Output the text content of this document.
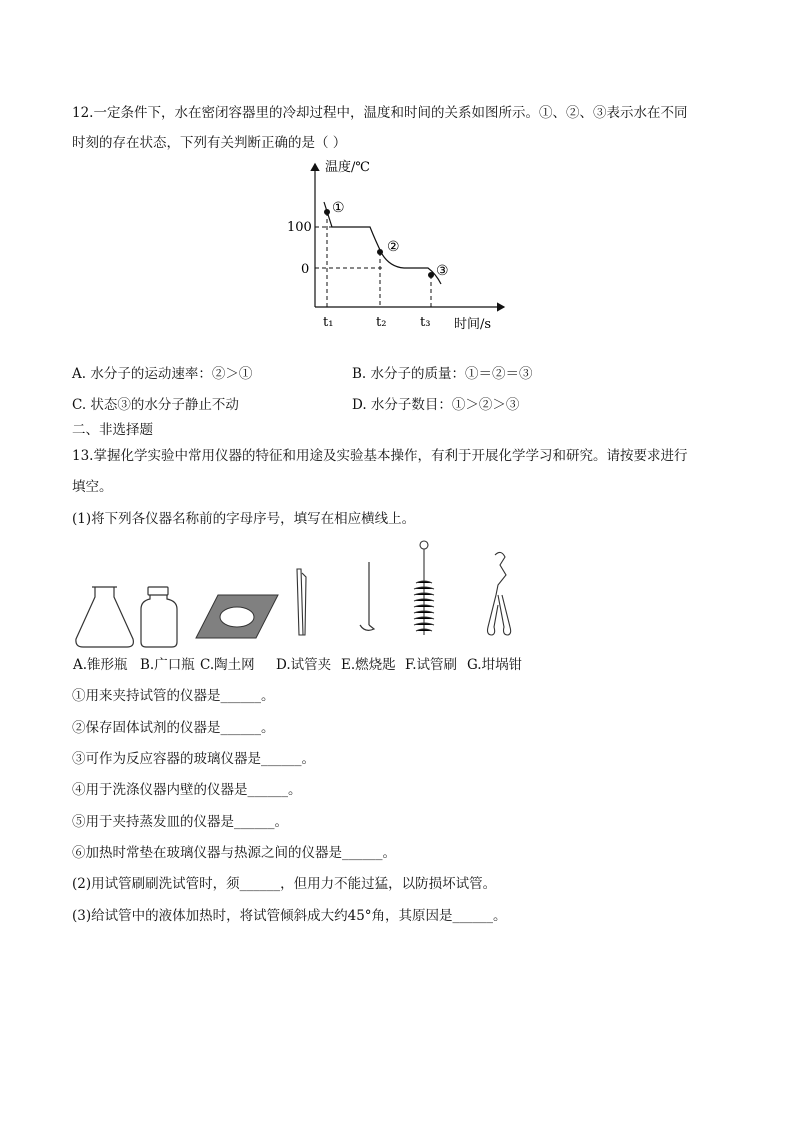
12.一定条件下，水在密闭容器里的冷却过程中，温度和时间的关系如图所示。①、②、③表示水在不同
时刻的存在状态，下列有关判断正确的是（ ）
温度/℃
时间/s
100
0
①
②
③
t₁	t₂	t₃
A. 水分子的运动速率：②＞①	B. 水分子的质量：①＝②＝③
C. 状态③的水分子静止不动	D. 水分子数目：①＞②＞③
二、非选择题
13.掌握化学实验中常用仪器的特征和用途及实验基本操作，有利于开展化学学习和研究。请按要求进行
填空。
(1)将下列各仪器名称前的字母序号，填写在相应横线上。
A.锥形瓶 B.广口瓶 C.陶土网 D.试管夹 E.燃烧匙 F.试管刷 G.坩埚钳
①用来夹持试管的仪器是______。
②保存固体试剂的仪器是______。
③可作为反应容器的玻璃仪器是______。
④用于洗涤仪器内壁的仪器是______。
⑤用于夹持蒸发皿的仪器是______。
⑥加热时常垫在玻璃仪器与热源之间的仪器是______。
(2)用试管刷刷洗试管时，须______，但用力不能过猛，以防损坏试管。
(3)给试管中的液体加热时，将试管倾斜成大约45°角，其原因是______。
